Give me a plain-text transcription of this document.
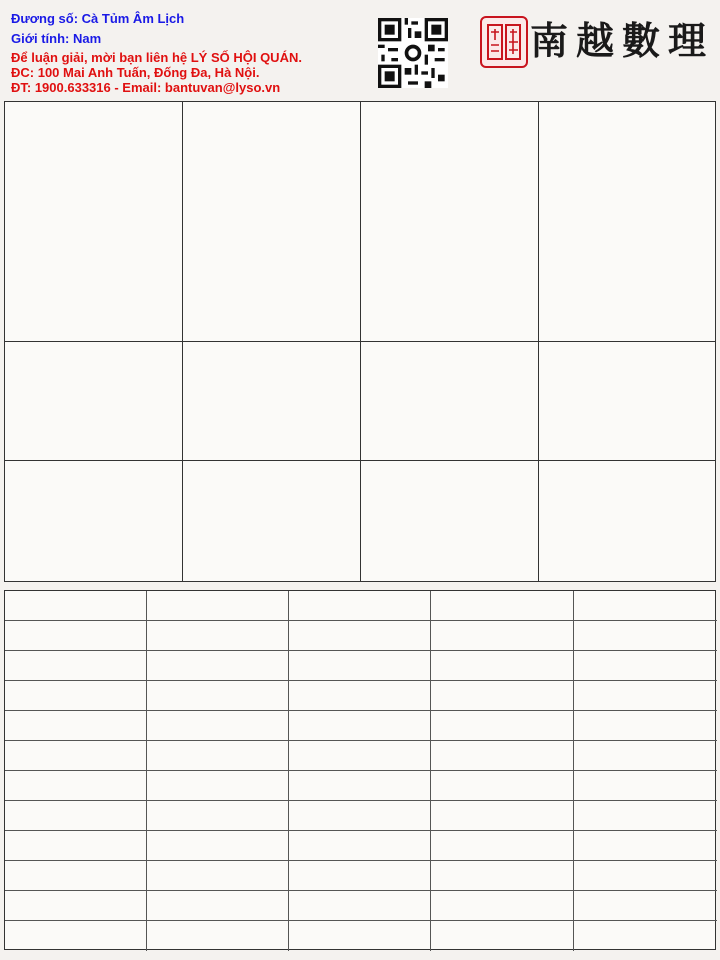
Đương số: Cà Tủm Âm Lịch
Giới tính: Nam
Để luận giải, mời bạn liên hệ LÝ SỐ HỘI QUÁN.
ĐC: 100 Mai Anh Tuấn, Đống Đa, Hà Nội.
ĐT: 1900.633316 - Email: bantuvan@lyso.vn
南越數理
